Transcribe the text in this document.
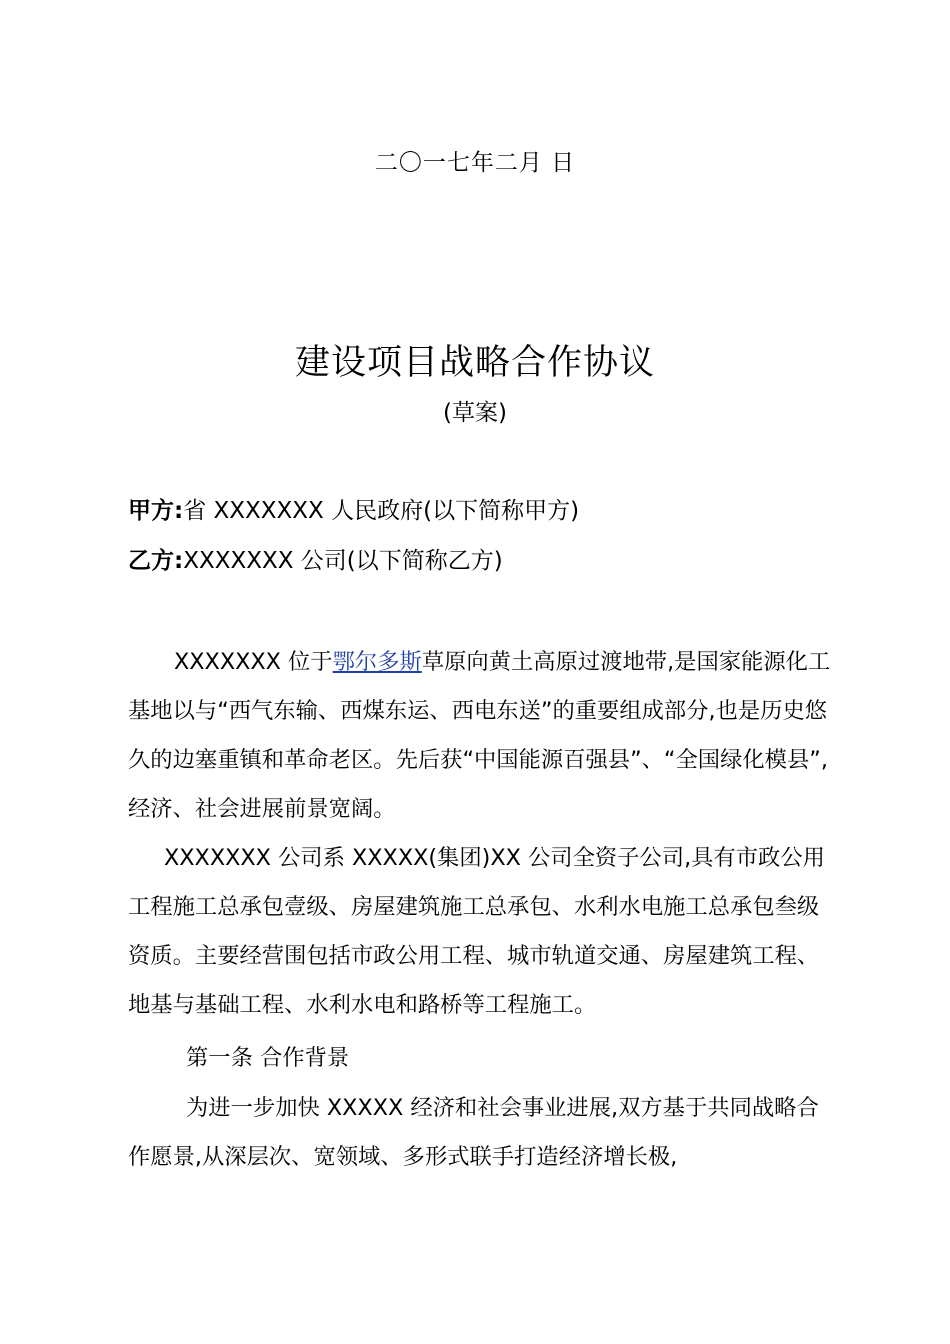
二〇一七年二月 日
建设项目战略合作协议
(草案)
甲方:省 XXXXXXX 人民政府(以下简称甲方)
乙方:XXXXXXX 公司(以下简称乙方)
XXXXXXX 位于鄂尔多斯草原向黄土高原过渡地带,是国家能源化工基地以与“西气东输、西煤东运、西电东送”的重要组成部分,也是历史悠久的边塞重镇和革命老区。先后获“中国能源百强县”、“全国绿化模县”,经济、社会进展前景宽阔。
XXXXXXX 公司系 XXXXX(集团)XX 公司全资子公司,具有市政公用工程施工总承包壹级、房屋建筑施工总承包、水利水电施工总承包叁级资质。主要经营围包括市政公用工程、城市轨道交通、房屋建筑工程、地基与基础工程、水利水电和路桥等工程施工。
第一条 合作背景
为进一步加快 XXXXX 经济和社会事业进展,双方基于共同战略合作愿景,从深层次、宽领域、多形式联手打造经济增长极,
